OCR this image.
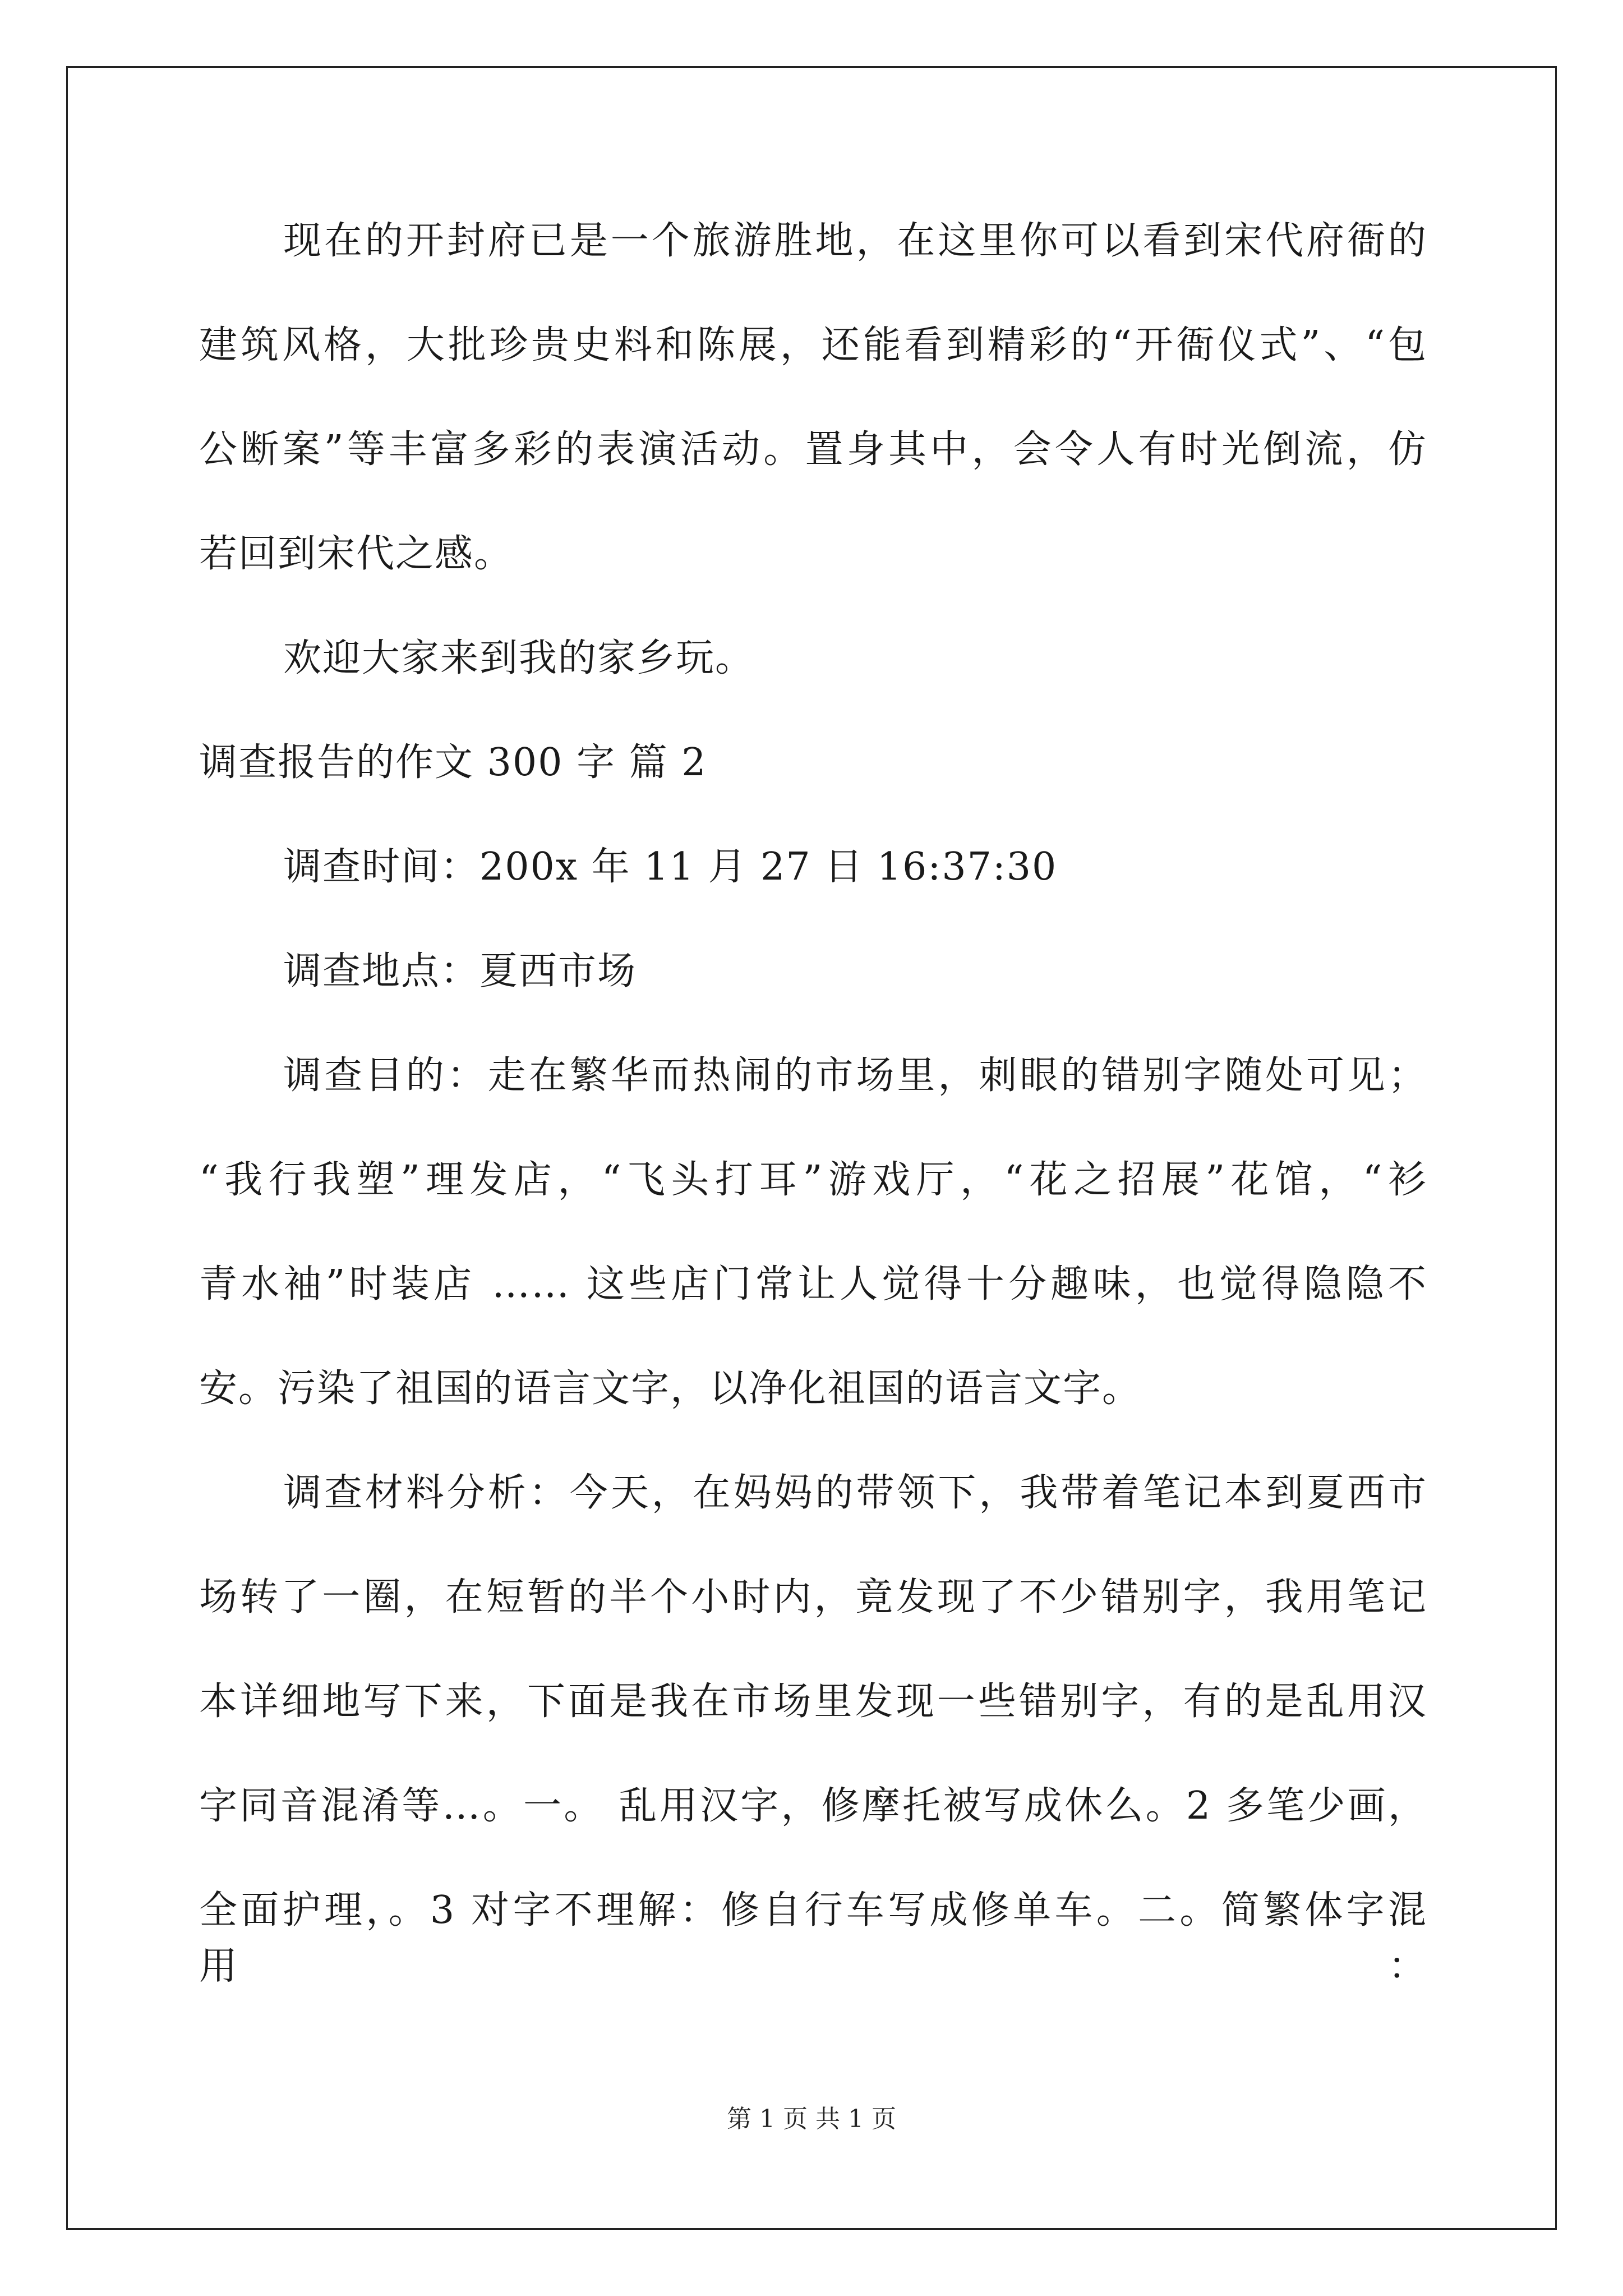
现在的开封府已是一个旅游胜地，在这里你可以看到宋代府衙的
建筑风格，大批珍贵史料和陈展，还能看到精彩的“开衙仪式”、“包
公断案”等丰富多彩的表演活动。置身其中，会令人有时光倒流，仿
若回到宋代之感。
欢迎大家来到我的家乡玩。
调查报告的作文 300 字 篇 2
调查时间：200x 年 11 月 27 日 16:37:30
调查地点：夏西市场
调查目的：走在繁华而热闹的市场里，刺眼的错别字随处可见；
“我行我塑”理发店，“飞头打耳”游戏厅，“花之招展”花馆，“衫
青水袖”时装店 …… 这些店门常让人觉得十分趣味，也觉得隐隐不
安。污染了祖国的语言文字，以净化祖国的语言文字。
调查材料分析：今天，在妈妈的带领下，我带着笔记本到夏西市
场转了一圈，在短暂的半个小时内，竟发现了不少错别字，我用笔记
本详细地写下来，下面是我在市场里发现一些错别字，有的是乱用汉
字同音混淆等…。一。 乱用汉字，修摩托被写成休么。2 多笔少画，
全面护理，。3 对字不理解：修自行车写成修单车。二。简繁体字混用：
第 1 页 共 1 页
